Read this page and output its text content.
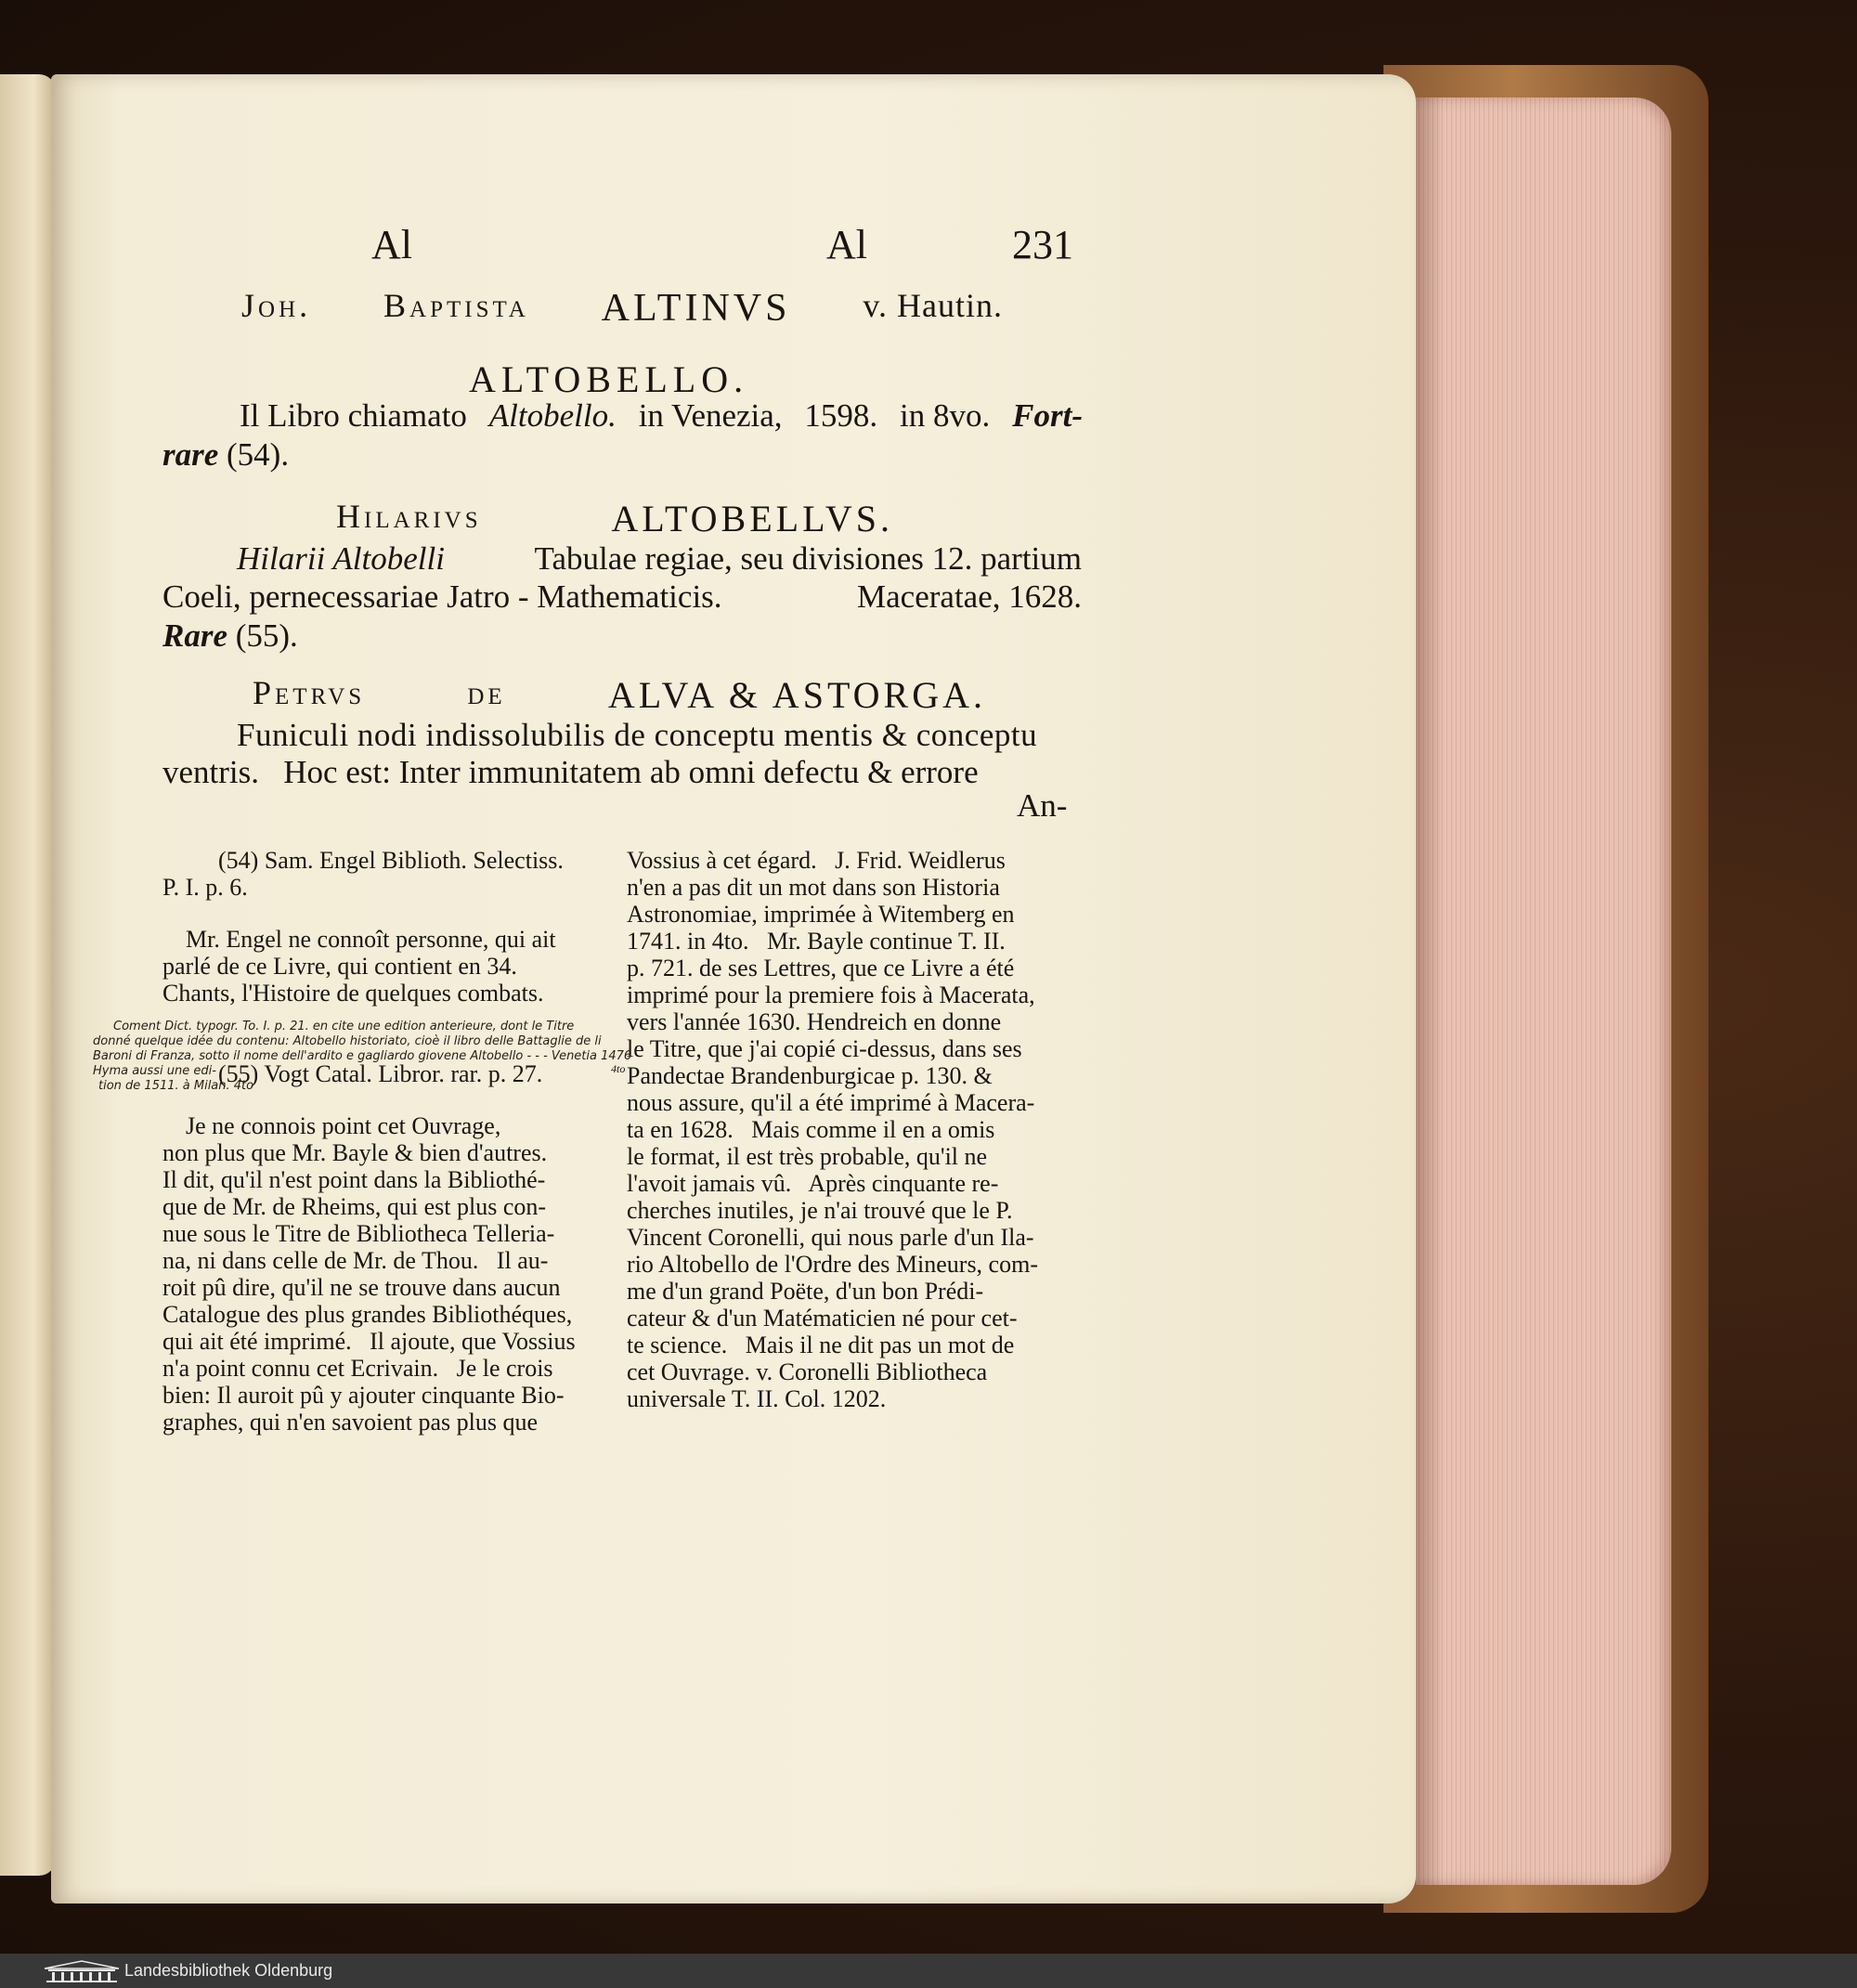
Al	Al	231
Joh. Baptista ALTINVS v. Hautin.
ALTOBELLO.
Il Libro chiamato Altobello. in Venezia, 1598. in 8vo. Fort-
rare (54).
Hilarivs	ALTOBELLVS.
Hilarii Altobelli	Tabulae regiae, seu divisiones 12. partium
Coeli, pernecessariae Jatro - Mathematicis.	Maceratae, 1628.
Rare (55).
Petrvs	de	ALVA & ASTORGA.
Funiculi nodi indissolubilis de conceptu mentis & conceptu
ventris.   Hoc est: Inter immunitatem ab omni defectu & errore
An-

(54) Sam. Engel Biblioth. Selectiss.

P. I. p. 6.

Mr. Engel ne connoît personne, qui ait

parlé de ce Livre, qui contient en 34.

Chants, l'Histoire de quelques combats.

(55) Vogt Catal. Libror. rar. p. 27.

Je ne connois point cet Ouvrage,

non plus que Mr. Bayle & bien d'autres.

Il dit, qu'il n'est point dans la Bibliothé-

que de Mr. de Rheims, qui est plus con-

nue sous le Titre de Bibliotheca Telleria-

na, ni dans celle de Mr. de Thou.   Il au-

roit pû dire, qu'il ne se trouve dans aucun

Catalogue des plus grandes Bibliothéques,

qui ait été imprimé.   Il ajoute, que Vossius

n'a point connu cet Ecrivain.   Je le crois

bien: Il auroit pû y ajouter cinquante Bio-

graphes, qui n'en savoient pas plus que

Vossius à cet égard.   J. Frid. Weidlerus

n'en a pas dit un mot dans son Historia

Astronomiae, imprimée à Witemberg en

1741. in 4to.   Mr. Bayle continue T. II.

p. 721. de ses Lettres, que ce Livre a été

imprimé pour la premiere fois à Macerata,

vers l'année 1630. Hendreich en donne

le Titre, que j'ai copié ci-dessus, dans ses

Pandectae Brandenburgicae p. 130. &

nous assure, qu'il a été imprimé à Macera-

ta en 1628.   Mais comme il en a omis

le format, il est très probable, qu'il ne

l'avoit jamais vû.   Après cinquante re-

cherches inutiles, je n'ai trouvé que le P.

Vincent Coronelli, qui nous parle d'un Ila-

rio Altobello de l'Ordre des Mineurs, com-

me d'un grand Poëte, d'un bon Prédi-

cateur & d'un Matématicien né pour cet-

te science.   Mais il ne dit pas un mot de

cet Ouvrage. v. Coronelli Bibliotheca

universale T. II. Col. 1202.

Coment Dict. typogr. To. I. p. 21. en cite une edition anterieure, dont le Titre

donné quelque idée du contenu: Altobello historiato, cioè il libro delle Battaglie de li

Baroni di Franza, sotto il nome dell'ardito e gagliardo giovene Altobello - - - Venetia 1476

Hyma aussi une edi-

tion de 1511. à Milan. 4to

4to
Landesbibliothek Oldenburg
